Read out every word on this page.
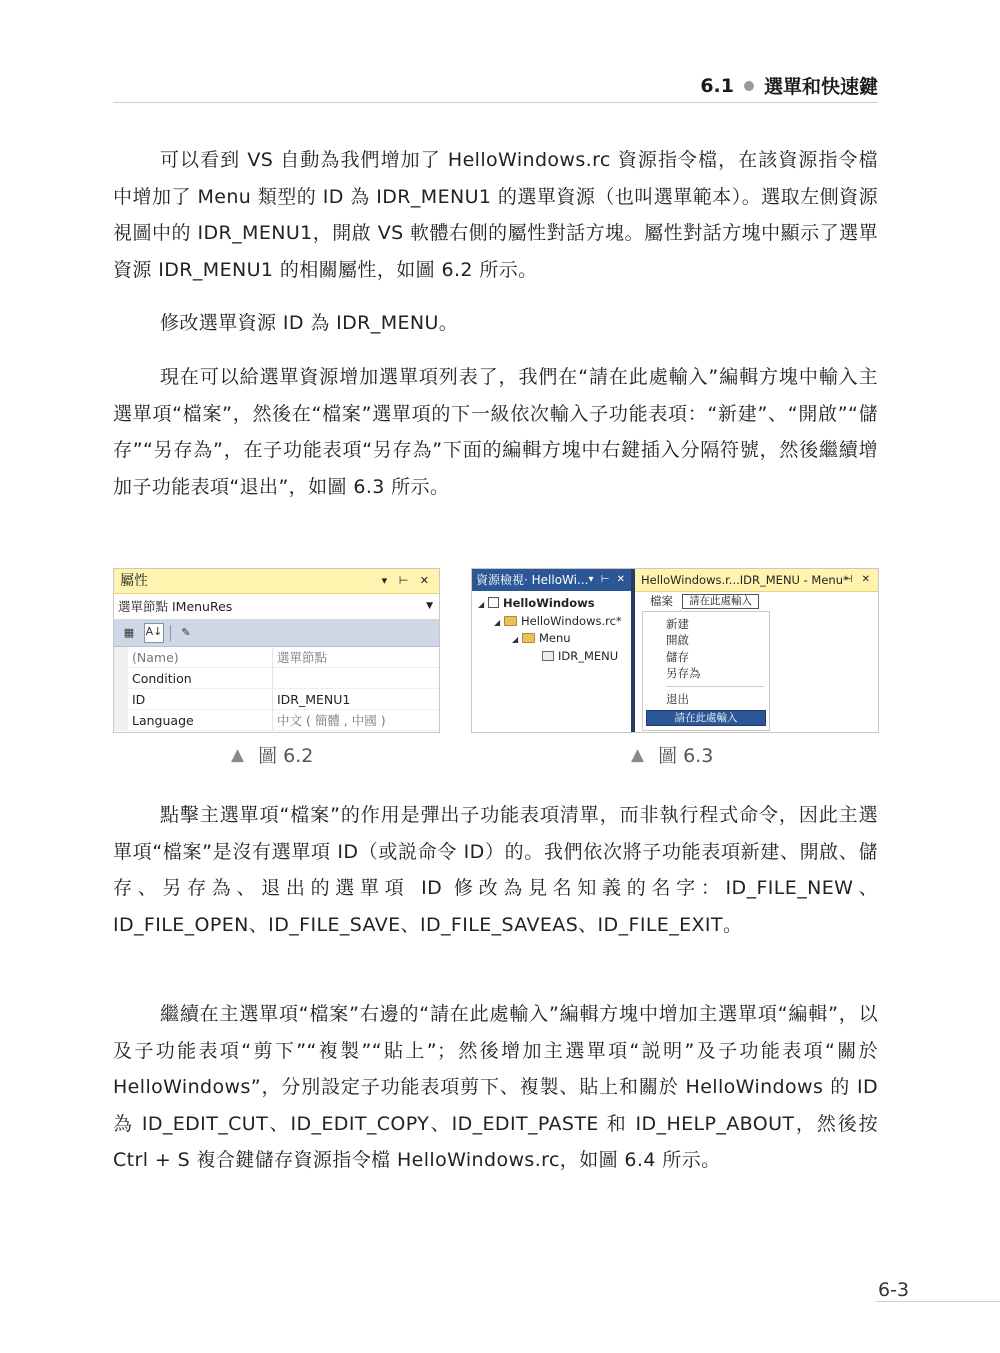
6.1 選單和快速鍵

可以看到 VS 自動為我們增加了 HelloWindows.rc 資源指令檔，在該資源指令檔中增加了 Menu 類型的 ID 為 IDR_MENU1 的選單資源（也叫選單範本）。選取左側資源視圖中的 IDR_MENU1，開啟 VS 軟體右側的屬性對話方塊。屬性對話方塊中顯示了選單資源 IDR_MENU1 的相關屬性，如圖 6.2 所示。

修改選單資源 ID 為 IDR_MENU。

現在可以給選單資源增加選單項列表了，我們在“請在此處輸入”編輯方塊中輸入主選單項“檔案”，然後在“檔案”選單項的下一級依次輸入子功能表項：“新建”、“開啟”“儲存”“另存為”，在子功能表項“另存為”下面的編輯方塊中右鍵插入分隔符號，然後繼續增加子功能表項“退出”，如圖 6.3 所示。

屬性	▾ ⊢ ✕
選單節點 IMenuRes	▼
▦	A↓	✎
	(Name)	選單節點
	Condition	
	ID	IDR_MENU1
	Language	中文 ( 簡體 , 中國 )
資源檢視· HelloWi... ▾ ⊢ ✕
◢ HelloWindows
◢ HelloWindows.rc*
◢ Menu
IDR_MENU
HelloWindows.r...IDR_MENU - Menu*
⊣ ✕
檔案	請在此處輸入
新建
開啟
儲存
另存為
退出
請在此處輸入
▲ 圖 6.2	▲ 圖 6.3

點擊主選單項“檔案”的作用是彈出子功能表項清單，而非執行程式命令，因此主選單項“檔案”是沒有選單項 ID（或説命令 ID）的。我們依次將子功能表項新建、開啟、儲存、另存為、退出的選單項 ID 修改為見名知義的名字：ID_FILE_NEW、ID_FILE_OPEN、ID_FILE_SAVE、ID_FILE_SAVEAS、ID_FILE_EXIT。

繼續在主選單項“檔案”右邊的“請在此處輸入”編輯方塊中增加主選單項“編輯”，以及子功能表項“剪下”“複製”“貼上”；然後增加主選單項“説明”及子功能表項“關於 HelloWindows”，分別設定子功能表項剪下、複製、貼上和關於 HelloWindows 的 ID 為 ID_EDIT_CUT、ID_EDIT_COPY、ID_EDIT_PASTE 和 ID_HELP_ABOUT，然後按 Ctrl + S 複合鍵儲存資源指令檔 HelloWindows.rc，如圖 6.4 所示。

6-3
